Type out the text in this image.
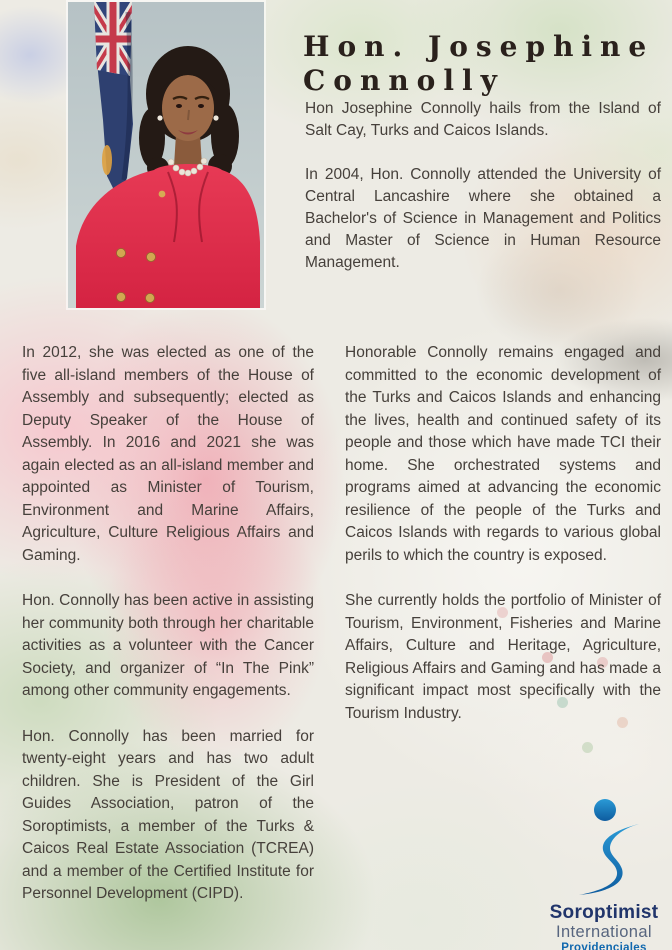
Hon. Josephine
Connolly

Hon Josephine Connolly hails from the Island of Salt Cay, Turks and Caicos Islands.

In 2004, Hon. Connolly attended the University of Central Lancashire where she obtained a Bachelor's of Science in Management and Politics and Master of Science in Human Resource Management.

In 2012, she was elected as one of the five all-island members of the House of Assembly and subsequently; elected as Deputy Speaker of the House of Assembly. In 2016 and 2021 she was again elected as an all-island member and appointed as Minister of Tourism, Environment and Marine Affairs, Agriculture, Culture Religious Affairs and Gaming.

Hon. Connolly has been active in assisting her community both through her charitable activities as a volunteer with the Cancer Society, and organizer of “In The Pink” among other community engagements.

Hon. Connolly has been married for twenty-eight years and has two adult children. She is President of the Girl Guides Association, patron of the Soroptimists, a member of the Turks & Caicos Real Estate Association (TCREA) and a member of the Certified Institute for Personnel Development (CIPD).

Honorable Connolly remains engaged and committed to the economic development of the Turks and Caicos Islands and enhancing the lives, health and continued safety of its people and those which have made TCI their home. She orchestrated systems and programs aimed at advancing the economic resilience of the people of the Turks and Caicos Islands with regards to various global perils to which the country is exposed.

She currently holds the portfolio of Minister of Tourism, Environment, Fisheries and Marine Affairs, Culture and Heritage, Agriculture, Religious Affairs and Gaming and has made a significant impact most specifically with the Tourism Industry.

Soroptimist
International
Providenciales
